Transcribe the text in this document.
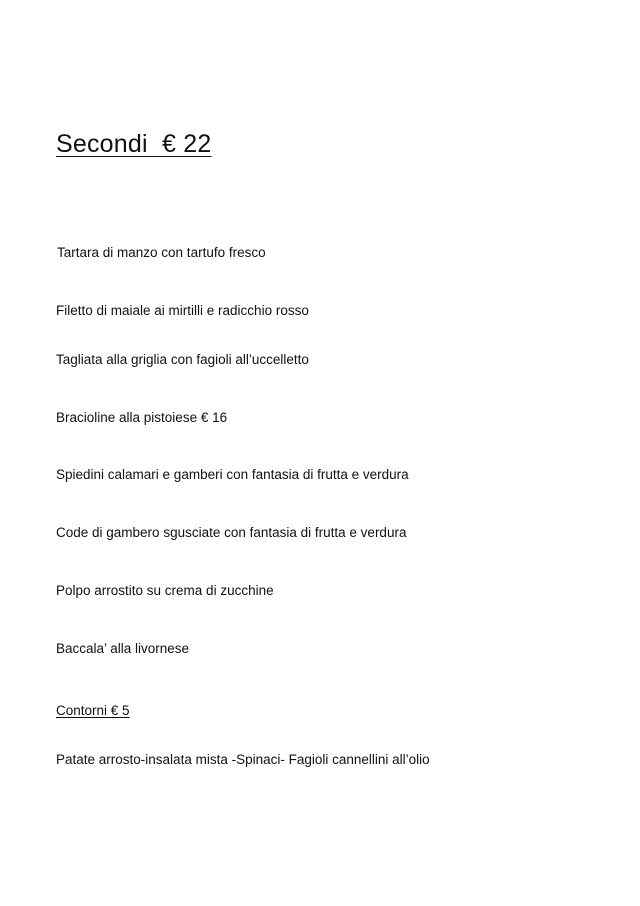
Secondi  € 22
Tartara di manzo con tartufo fresco
Filetto di maiale ai mirtilli e radicchio rosso
Tagliata alla griglia con fagioli all’uccelletto
Bracioline alla pistoiese € 16
Spiedini calamari e gamberi con fantasia di frutta e verdura
Code di gambero sgusciate con fantasia di frutta e verdura
Polpo arrostito su crema di zucchine
Baccala’ alla livornese
Contorni € 5
Patate arrosto-insalata mista -Spinaci- Fagioli cannellini all’olio
